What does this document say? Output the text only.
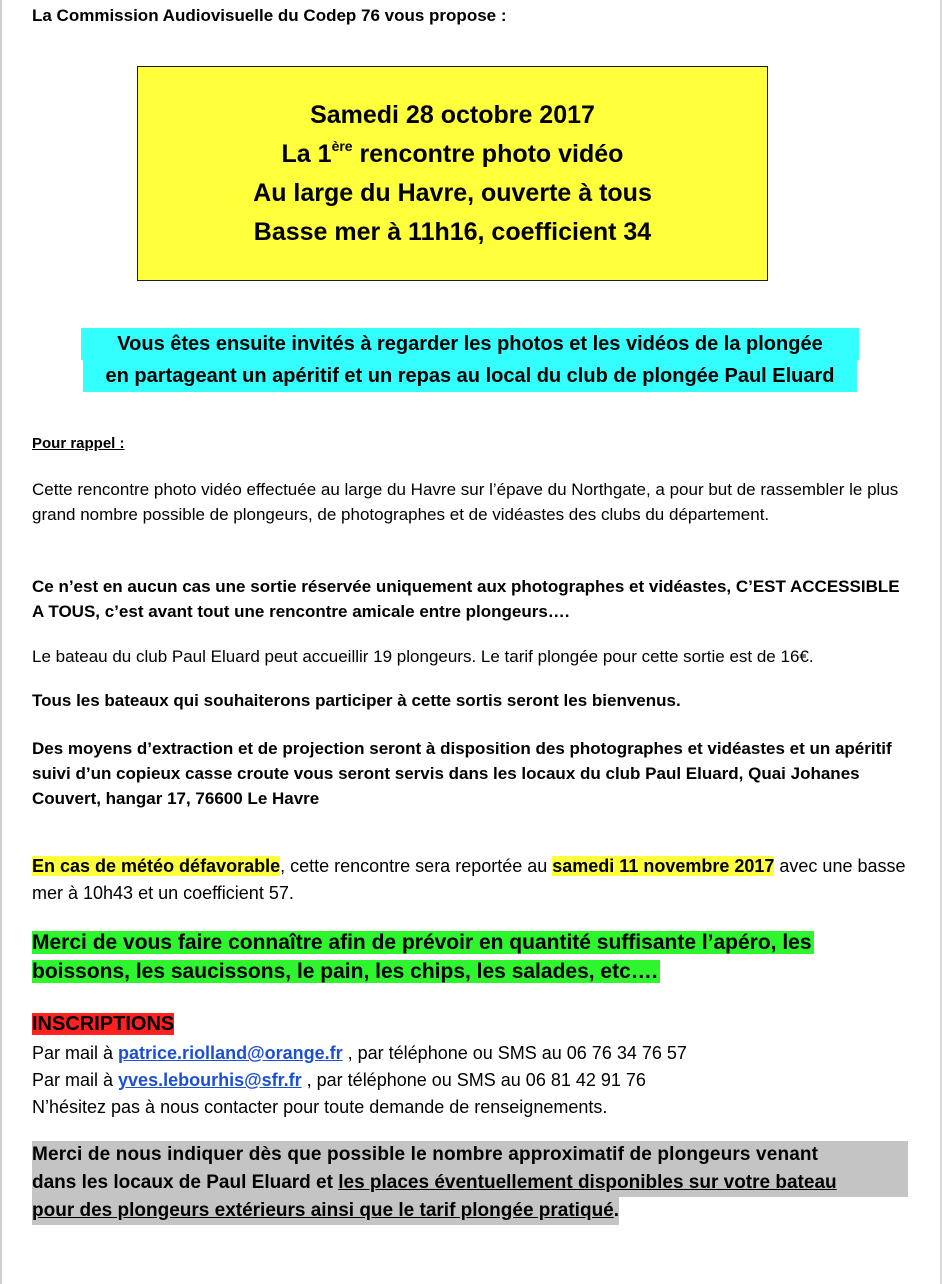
La Commission Audiovisuelle du Codep 76 vous propose :
Samedi 28 octobre 2017
La 1ère rencontre photo vidéo
Au large du Havre, ouverte à tous
Basse mer à 11h16, coefficient 34
Vous êtes ensuite invités à regarder les photos et les vidéos de la plongée
en partageant un apéritif et un repas au local du club de plongée Paul Eluard
Pour rappel :
Cette rencontre photo vidéo effectuée au large du Havre sur l’épave du Northgate, a pour but de rassembler le plus grand nombre possible de plongeurs, de photographes et de vidéastes des clubs du département.
Ce n’est en aucun cas une sortie réservée uniquement aux photographes et vidéastes, C’EST ACCESSIBLE A TOUS, c’est avant tout une rencontre amicale entre plongeurs….
Le bateau du club Paul Eluard peut accueillir 19 plongeurs. Le tarif plongée pour cette sortie est de 16€.
Tous les bateaux qui souhaiterons participer à cette sortis seront les bienvenus.
Des moyens d’extraction et de projection seront à disposition des photographes et vidéastes et un apéritif suivi d’un copieux casse croute vous seront servis dans les locaux du club Paul Eluard, Quai Johanes Couvert, hangar 17, 76600 Le Havre
En cas de météo défavorable, cette rencontre sera reportée au samedi 11 novembre 2017 avec une basse mer à 10h43 et un coefficient 57.
Merci de vous faire connaître afin de prévoir en quantité suffisante l’apéro, les
boissons, les saucissons, le pain, les chips, les salades, etc….
INSCRIPTIONS
Par mail à patrice.riolland@orange.fr , par téléphone ou SMS au 06 76 34 76 57
Par mail à yves.lebourhis@sfr.fr , par téléphone ou SMS au 06 81 42 91 76
N’hésitez pas à nous contacter pour toute demande de renseignements.
Merci de nous indiquer dès que possible le nombre approximatif de plongeurs venant
dans les locaux de Paul Eluard et les places éventuellement disponibles sur votre bateau
pour des plongeurs extérieurs ainsi que le tarif plongée pratiqué.
